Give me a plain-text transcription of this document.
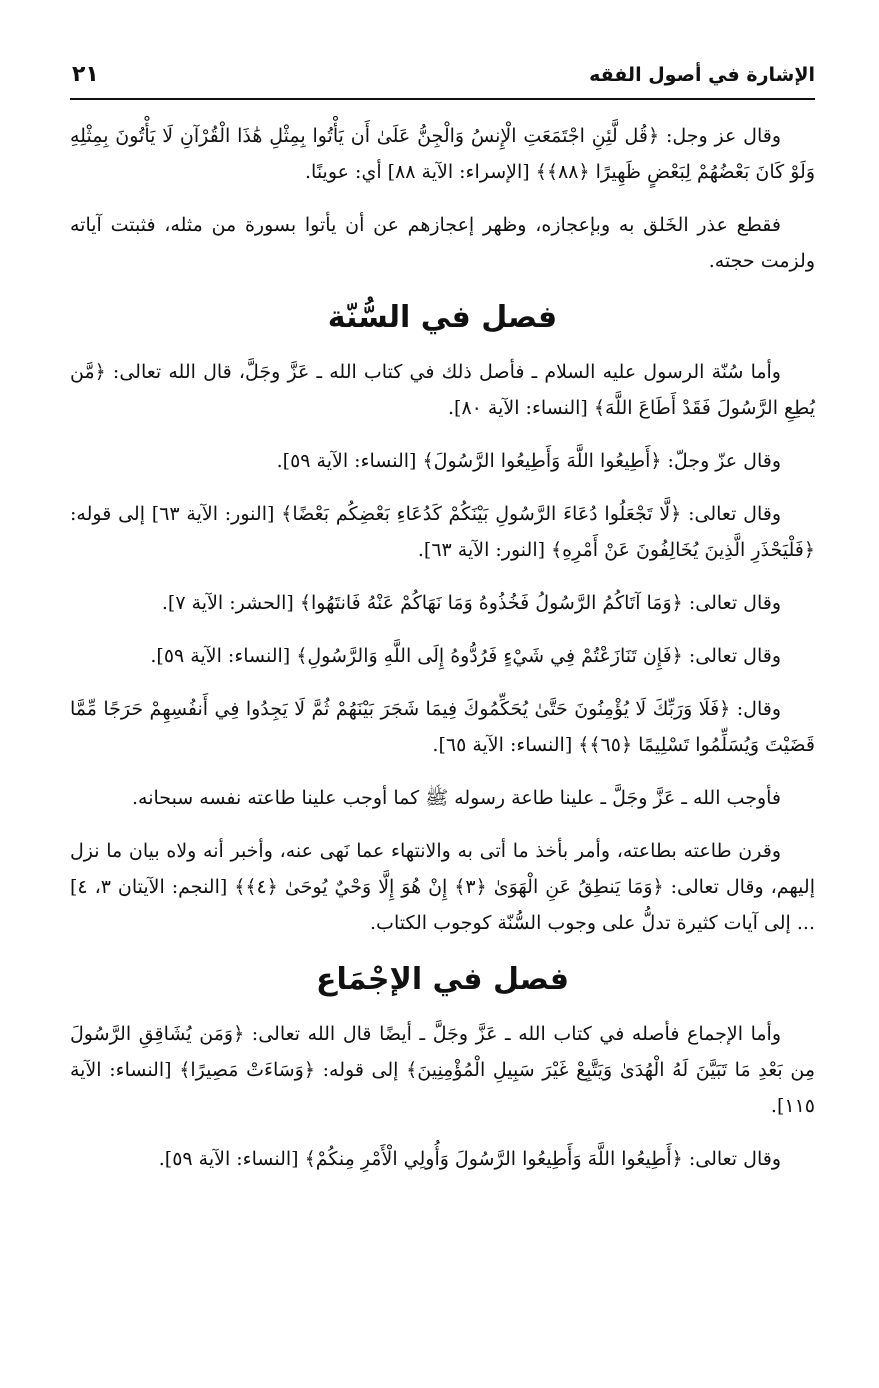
الإشارة في أصول الفقه
٢١

وقال عز وجل: ﴿قُل لَّئِنِ اجْتَمَعَتِ الْإِنسُ وَالْجِنُّ عَلَىٰ أَن يَأْتُوا بِمِثْلِ هَٰذَا الْقُرْآنِ لَا يَأْتُونَ بِمِثْلِهِ وَلَوْ كَانَ بَعْضُهُمْ لِبَعْضٍ ظَهِيرًا ﴿٨٨﴾﴾ [الإسراء: الآية ٨٨] أي: عوينًا.

فقطع عذر الخَلق به وبإعجازه، وظهر إعجازهم عن أن يأتوا بسورة من مثله، فثبتت آياته ولزمت حجته.

فصل في السُّنّة

وأما سُنّة الرسول عليه السلام ـ فأصل ذلك في كتاب الله ـ عَزَّ وجَلَّ، قال الله تعالى: ﴿مَّن يُطِعِ الرَّسُولَ فَقَدْ أَطَاعَ اللَّهَ﴾ [النساء: الآية ٨٠].

وقال عزّ وجلّ: ﴿أَطِيعُوا اللَّهَ وَأَطِيعُوا الرَّسُولَ﴾ [النساء: الآية ٥٩].

وقال تعالى: ﴿لَّا تَجْعَلُوا دُعَاءَ الرَّسُولِ بَيْنَكُمْ كَدُعَاءِ بَعْضِكُم بَعْضًا﴾ [النور: الآية ٦٣] إلى قوله: ﴿فَلْيَحْذَرِ الَّذِينَ يُخَالِفُونَ عَنْ أَمْرِهِ﴾ [النور: الآية ٦٣].

وقال تعالى: ﴿وَمَا آتَاكُمُ الرَّسُولُ فَخُذُوهُ وَمَا نَهَاكُمْ عَنْهُ فَانتَهُوا﴾ [الحشر: الآية ٧].

وقال تعالى: ﴿فَإِن تَنَازَعْتُمْ فِي شَيْءٍ فَرُدُّوهُ إِلَى اللَّهِ وَالرَّسُولِ﴾ [النساء: الآية ٥٩].

وقال: ﴿فَلَا وَرَبِّكَ لَا يُؤْمِنُونَ حَتَّىٰ يُحَكِّمُوكَ فِيمَا شَجَرَ بَيْنَهُمْ ثُمَّ لَا يَجِدُوا فِي أَنفُسِهِمْ حَرَجًا مِّمَّا قَضَيْتَ وَيُسَلِّمُوا تَسْلِيمًا ﴿٦٥﴾﴾ [النساء: الآية ٦٥].

فأوجب الله ـ عَزَّ وجَلَّ ـ علينا طاعة رسوله ﷺ كما أوجب علينا طاعته نفسه سبحانه.

وقرن طاعته بطاعته، وأمر بأخذ ما أتى به والانتهاء عما نَهى عنه، وأخبر أنه ولاه بيان ما نزل إليهم، وقال تعالى: ﴿وَمَا يَنطِقُ عَنِ الْهَوَىٰ ﴿٣﴾ إِنْ هُوَ إِلَّا وَحْيٌ يُوحَىٰ ﴿٤﴾﴾ [النجم: الآيتان ٣، ٤] ... إلى آيات كثيرة تدلُّ على وجوب السُّنّة كوجوب الكتاب.

فصل في الإجْمَاع

وأما الإجماع فأصله في كتاب الله ـ عَزَّ وجَلَّ ـ أيضًا قال الله تعالى: ﴿وَمَن يُشَاقِقِ الرَّسُولَ مِن بَعْدِ مَا تَبَيَّنَ لَهُ الْهُدَىٰ وَيَتَّبِعْ غَيْرَ سَبِيلِ الْمُؤْمِنِينَ﴾ إلى قوله: ﴿وَسَاءَتْ مَصِيرًا﴾ [النساء: الآية ١١٥].

وقال تعالى: ﴿أَطِيعُوا اللَّهَ وَأَطِيعُوا الرَّسُولَ وَأُولِي الْأَمْرِ مِنكُمْ﴾ [النساء: الآية ٥٩].
